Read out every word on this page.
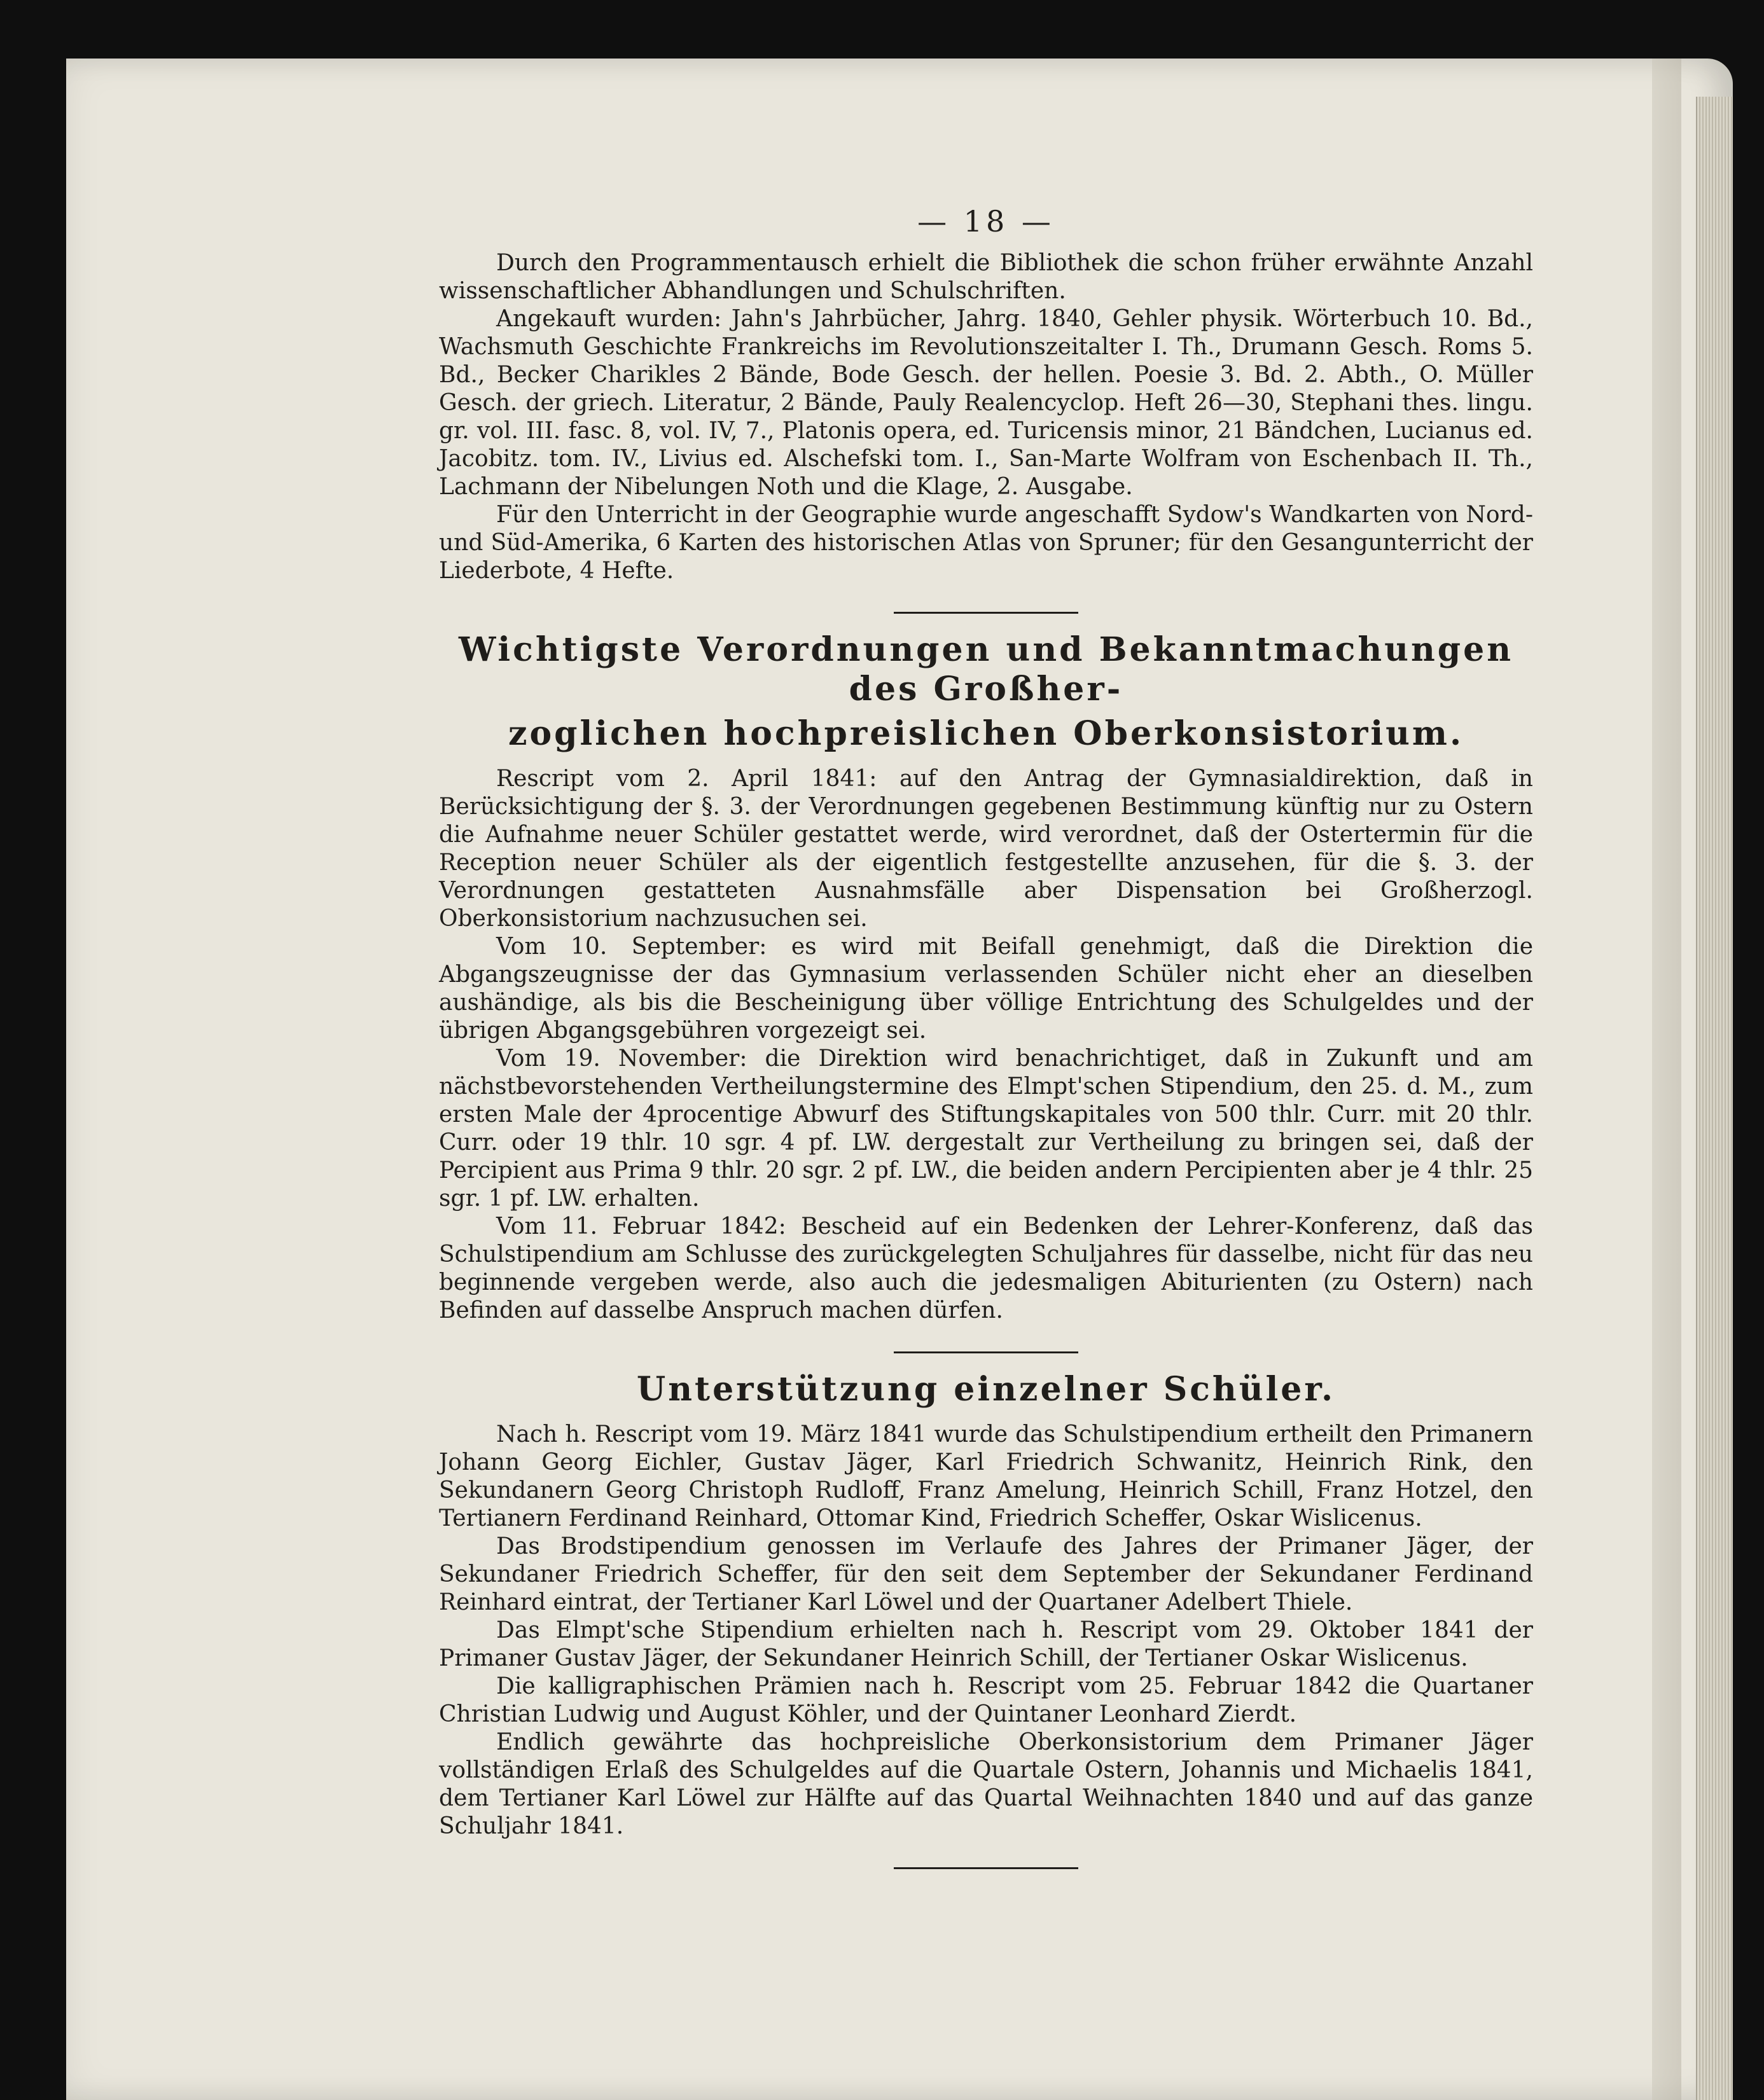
— 18 —

Durch den Programmentausch erhielt die Bibliothek die schon früher erwähnte Anzahl wissenschaftlicher Abhandlungen und Schulschriften.

Angekauft wurden: Jahn's Jahrbücher, Jahrg. 1840, Gehler physik. Wörterbuch 10. Bd., Wachsmuth Geschichte Frankreichs im Revolutionszeitalter I. Th., Drumann Gesch. Roms 5. Bd., Becker Charikles 2 Bände, Bode Gesch. der hellen. Poesie 3. Bd. 2. Abth., O. Müller Gesch. der griech. Literatur, 2 Bände, Pauly Realencyclop. Heft 26—30, Stephani thes. lingu. gr. vol. III. fasc. 8, vol. IV, 7., Platonis opera, ed. Turicensis minor, 21 Bändchen, Lucianus ed. Jacobitz. tom. IV., Livius ed. Alschefski tom. I., San-Marte Wolfram von Eschenbach II. Th., Lachmann der Nibelungen Noth und die Klage, 2. Ausgabe.

Für den Unterricht in der Geographie wurde angeschafft Sydow's Wandkarten von Nord- und Süd-Amerika, 6 Karten des historischen Atlas von Spruner; für den Gesangunterricht der Liederbote, 4 Hefte.

Wichtigste Verordnungen und Bekanntmachungen des Großher-
zoglichen hochpreislichen Oberkonsistorium.

Rescript vom 2. April 1841: auf den Antrag der Gymnasialdirektion, daß in Berücksichtigung der §. 3. der Verordnungen gegebenen Bestimmung künftig nur zu Ostern die Aufnahme neuer Schüler gestattet werde, wird verordnet, daß der Ostertermin für die Reception neuer Schüler als der eigentlich festgestellte anzusehen, für die §. 3. der Verordnungen gestatteten Ausnahmsfälle aber Dispensation bei Großherzogl. Oberkonsistorium nachzusuchen sei.

Vom 10. September: es wird mit Beifall genehmigt, daß die Direktion die Abgangszeugnisse der das Gymnasium verlassenden Schüler nicht eher an dieselben aushändige, als bis die Bescheinigung über völlige Entrichtung des Schulgeldes und der übrigen Abgangsgebühren vorgezeigt sei.

Vom 19. November: die Direktion wird benachrichtiget, daß in Zukunft und am nächstbevorstehenden Vertheilungstermine des Elmpt'schen Stipendium, den 25. d. M., zum ersten Male der 4procentige Abwurf des Stiftungskapitales von 500 thlr. Curr. mit 20 thlr. Curr. oder 19 thlr. 10 sgr. 4 pf. LW. dergestalt zur Vertheilung zu bringen sei, daß der Percipient aus Prima 9 thlr. 20 sgr. 2 pf. LW., die beiden andern Percipienten aber je 4 thlr. 25 sgr. 1 pf. LW. erhalten.

Vom 11. Februar 1842: Bescheid auf ein Bedenken der Lehrer-Konferenz, daß das Schulstipendium am Schlusse des zurückgelegten Schuljahres für dasselbe, nicht für das neu beginnende vergeben werde, also auch die jedesmaligen Abiturienten (zu Ostern) nach Befinden auf dasselbe Anspruch machen dürfen.

Unterstützung einzelner Schüler.

Nach h. Rescript vom 19. März 1841 wurde das Schulstipendium ertheilt den Primanern Johann Georg Eichler, Gustav Jäger, Karl Friedrich Schwanitz, Heinrich Rink, den Sekundanern Georg Christoph Rudloff, Franz Amelung, Heinrich Schill, Franz Hotzel, den Tertianern Ferdinand Reinhard, Ottomar Kind, Friedrich Scheffer, Oskar Wislicenus.

Das Brodstipendium genossen im Verlaufe des Jahres der Primaner Jäger, der Sekundaner Friedrich Scheffer, für den seit dem September der Sekundaner Ferdinand Reinhard eintrat, der Tertianer Karl Löwel und der Quartaner Adelbert Thiele.

Das Elmpt'sche Stipendium erhielten nach h. Rescript vom 29. Oktober 1841 der Primaner Gustav Jäger, der Sekundaner Heinrich Schill, der Tertianer Oskar Wislicenus.

Die kalligraphischen Prämien nach h. Rescript vom 25. Februar 1842 die Quartaner Christian Ludwig und August Köhler, und der Quintaner Leonhard Zierdt.

Endlich gewährte das hochpreisliche Oberkonsistorium dem Primaner Jäger vollständigen Erlaß des Schulgeldes auf die Quartale Ostern, Johannis und Michaelis 1841, dem Tertianer Karl Löwel zur Hälfte auf das Quartal Weihnachten 1840 und auf das ganze Schuljahr 1841.
